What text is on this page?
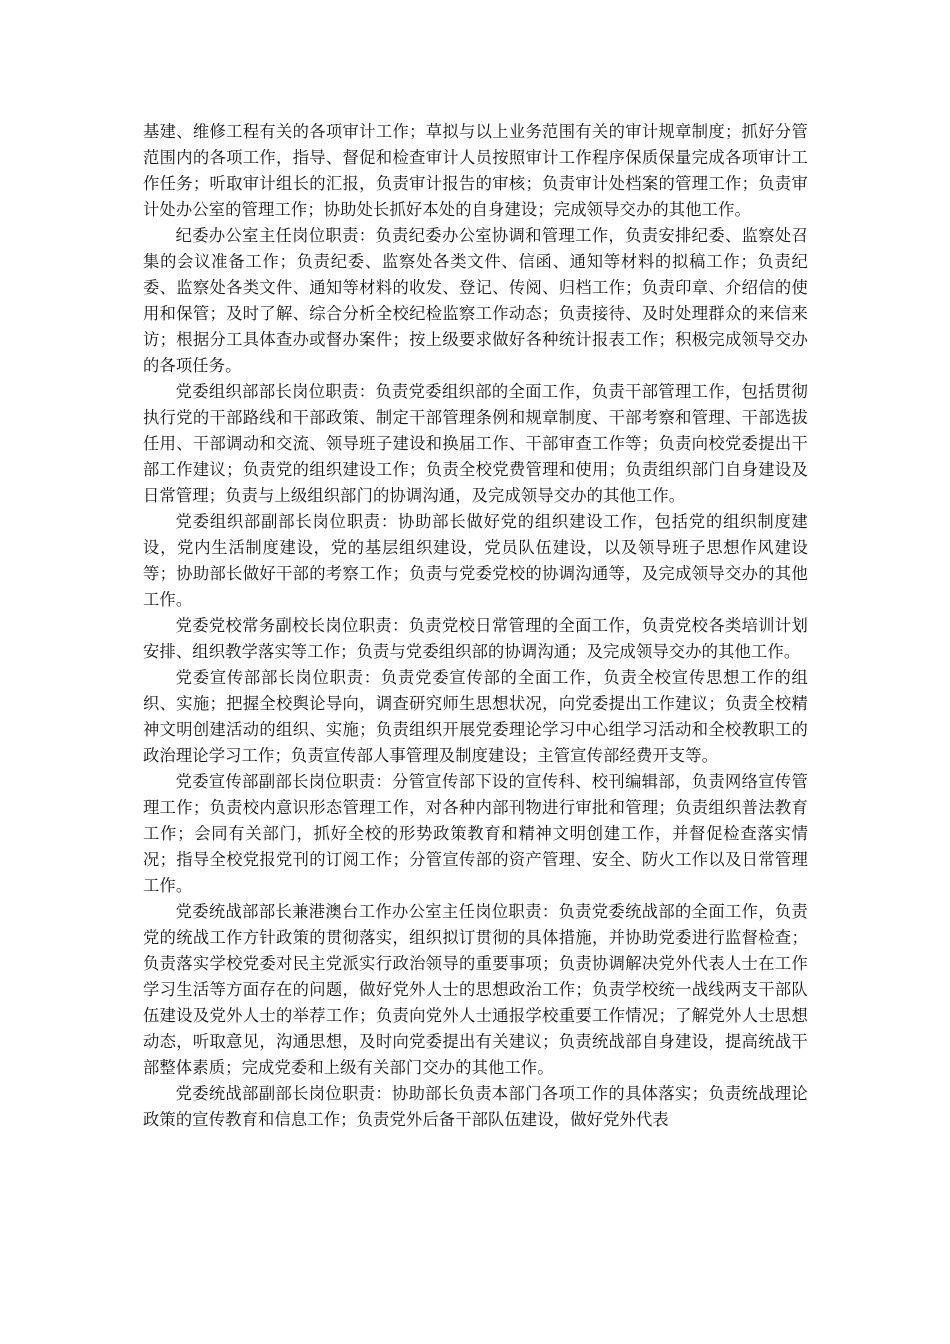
基建、维修工程有关的各项审计工作；草拟与以上业务范围有关的审计规章制度；抓好分管范围内的各项工作，指导、督促和检查审计人员按照审计工作程序保质保量完成各项审计工作任务；听取审计组长的汇报，负责审计报告的审核；负责审计处档案的管理工作；负责审计处办公室的管理工作；协助处长抓好本处的自身建设；完成领导交办的其他工作。

纪委办公室主任岗位职责：负责纪委办公室协调和管理工作，负责安排纪委、监察处召集的会议准备工作；负责纪委、监察处各类文件、信函、通知等材料的拟稿工作；负责纪委、监察处各类文件、通知等材料的收发、登记、传阅、归档工作；负责印章、介绍信的使用和保管；及时了解、综合分析全校纪检监察工作动态；负责接待、及时处理群众的来信来访；根据分工具体查办或督办案件；按上级要求做好各种统计报表工作；积极完成领导交办的各项任务。

党委组织部部长岗位职责：负责党委组织部的全面工作，负责干部管理工作，包括贯彻执行党的干部路线和干部政策、制定干部管理条例和规章制度、干部考察和管理、干部选拔任用、干部调动和交流、领导班子建设和换届工作、干部审查工作等；负责向校党委提出干部工作建议；负责党的组织建设工作；负责全校党费管理和使用；负责组织部门自身建设及日常管理；负责与上级组织部门的协调沟通，及完成领导交办的其他工作。

党委组织部副部长岗位职责：协助部长做好党的组织建设工作，包括党的组织制度建设，党内生活制度建设，党的基层组织建设，党员队伍建设，以及领导班子思想作风建设等；协助部长做好干部的考察工作；负责与党委党校的协调沟通等，及完成领导交办的其他工作。

党委党校常务副校长岗位职责：负责党校日常管理的全面工作，负责党校各类培训计划安排、组织教学落实等工作；负责与党委组织部的协调沟通；及完成领导交办的其他工作。

党委宣传部部长岗位职责：负责党委宣传部的全面工作，负责全校宣传思想工作的组织、实施；把握全校舆论导向，调查研究师生思想状况，向党委提出工作建议；负责全校精神文明创建活动的组织、实施；负责组织开展党委理论学习中心组学习活动和全校教职工的政治理论学习工作；负责宣传部人事管理及制度建设；主管宣传部经费开支等。

党委宣传部副部长岗位职责：分管宣传部下设的宣传科、校刊编辑部，负责网络宣传管理工作；负责校内意识形态管理工作，对各种内部刊物进行审批和管理；负责组织普法教育工作；会同有关部门，抓好全校的形势政策教育和精神文明创建工作，并督促检查落实情况；指导全校党报党刊的订阅工作；分管宣传部的资产管理、安全、防火工作以及日常管理工作。

党委统战部部长兼港澳台工作办公室主任岗位职责：负责党委统战部的全面工作，负责党的统战工作方针政策的贯彻落实，组织拟订贯彻的具体措施，并协助党委进行监督检查；负责落实学校党委对民主党派实行政治领导的重要事项；负责协调解决党外代表人士在工作学习生活等方面存在的问题，做好党外人士的思想政治工作；负责学校统一战线两支干部队伍建设及党外人士的举荐工作；负责向党外人士通报学校重要工作情况；了解党外人士思想动态，听取意见，沟通思想，及时向党委提出有关建议；负责统战部自身建设，提高统战干部整体素质；完成党委和上级有关部门交办的其他工作。

党委统战部副部长岗位职责：协助部长负责本部门各项工作的具体落实；负责统战理论政策的宣传教育和信息工作；负责党外后备干部队伍建设，做好党外代表
